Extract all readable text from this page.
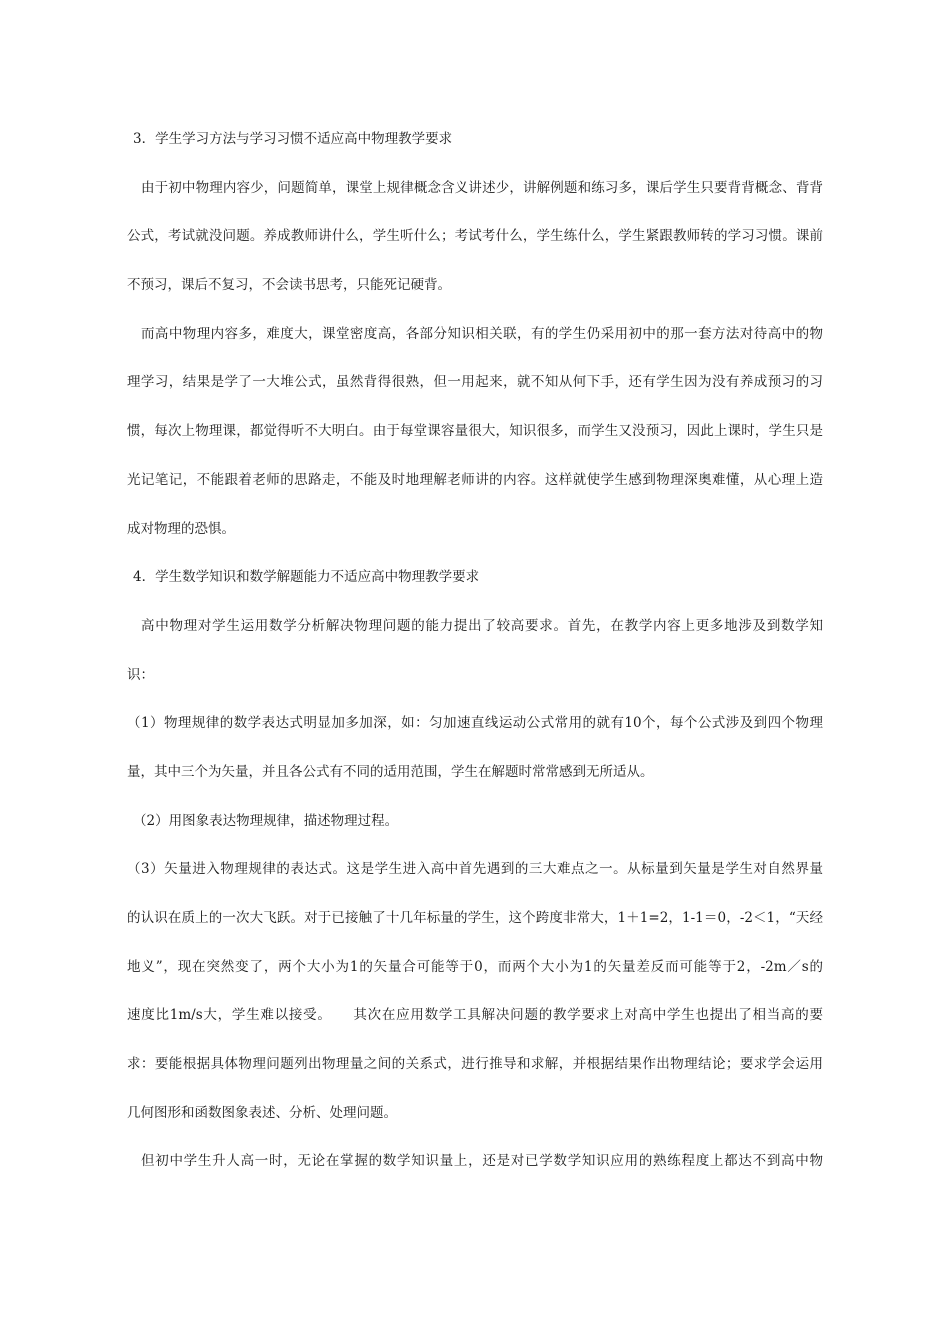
3．学生学习方法与学习习惯不适应高中物理教学要求
由于初中物理内容少，问题简单，课堂上规律概念含义讲述少，讲解例题和练习多，课后学生只要背背概念、背背
公式，考试就没问题。养成教师讲什么，学生听什么；考试考什么，学生练什么，学生紧跟教师转的学习习惯。课前
不预习，课后不复习，不会读书思考，只能死记硬背。
而高中物理内容多，难度大，课堂密度高，各部分知识相关联，有的学生仍采用初中的那一套方法对待高中的物
理学习，结果是学了一大堆公式，虽然背得很熟，但一用起来，就不知从何下手，还有学生因为没有养成预习的习
惯，每次上物理课，都觉得听不大明白。由于每堂课容量很大，知识很多，而学生又没预习，因此上课时，学生只是
光记笔记，不能跟着老师的思路走，不能及时地理解老师讲的内容。这样就使学生感到物理深奥难懂，从心理上造
成对物理的恐惧。
4．学生数学知识和数学解题能力不适应高中物理教学要求
高中物理对学生运用数学分析解决物理问题的能力提出了较高要求。首先，在教学内容上更多地涉及到数学知
识：
（1）物理规律的数学表达式明显加多加深，如：匀加速直线运动公式常用的就有10个，每个公式涉及到四个物理
量，其中三个为矢量，并且各公式有不同的适用范围，学生在解题时常常感到无所适从。
（2）用图象表达物理规律，描述物理过程。
（3）矢量进入物理规律的表达式。这是学生进入高中首先遇到的三大难点之一。从标量到矢量是学生对自然界量
的认识在质上的一次大飞跃。对于已接触了十几年标量的学生，这个跨度非常大，1＋1=2，1-1＝0，-2＜1，“天经
地义”，现在突然变了，两个大小为1的矢量合可能等于0，而两个大小为1的矢量差反而可能等于2，-2m／s的
速度比1m/s大，学生难以接受。　　其次在应用数学工具解决问题的教学要求上对高中学生也提出了相当高的要
求：要能根据具体物理问题列出物理量之间的关系式，进行推导和求解，并根据结果作出物理结论；要求学会运用
几何图形和函数图象表述、分析、处理问题。
但初中学生升人高一时，无论在掌握的数学知识量上，还是对已学数学知识应用的熟练程度上都达不到高中物
